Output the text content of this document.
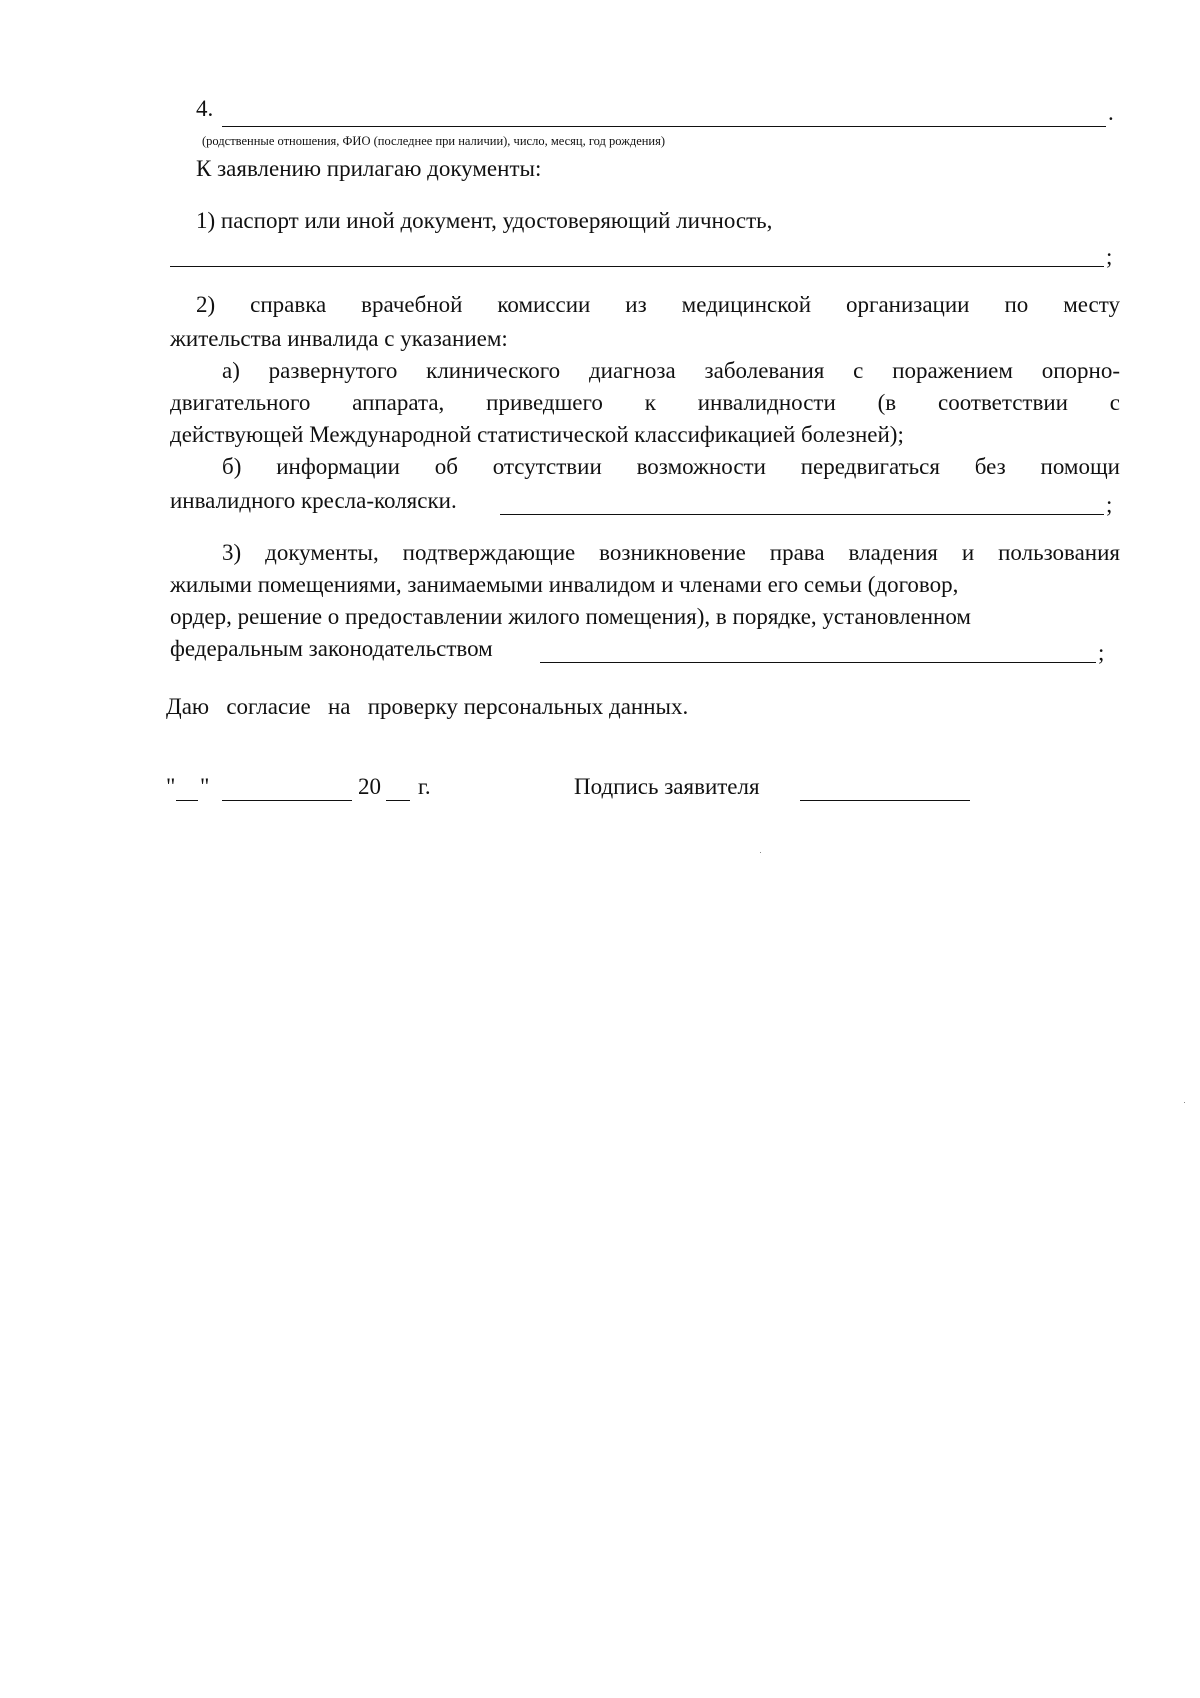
4.	.
(родственные отношения, ФИО (последнее при наличии), число, месяц, год рождения)
К заявлению прилагаю документы:
1) паспорт или иной документ, удостоверяющий личность,
;
2) справка врачебной комиссии из медицинской организации по месту
жительства инвалида с указанием:
а) развернутого клинического диагноза заболевания с поражением опорно-
двигательного аппарата, приведшего к инвалидности (в соответствии с
действующей Международной статистической классификацией болезней);
б) информации об отсутствии возможности передвигаться без помощи
инвалидного кресла-коляски.	;
3) документы, подтверждающие возникновение права владения и пользования
жилыми помещениями, занимаемыми инвалидом и членами его семьи (договор,
ордер, решение о предоставлении жилого помещения), в порядке, установленном
федеральным законодательством	;
Даю   согласие   на   проверку персональных данных.
" "	20 г.	Подпись заявителя
